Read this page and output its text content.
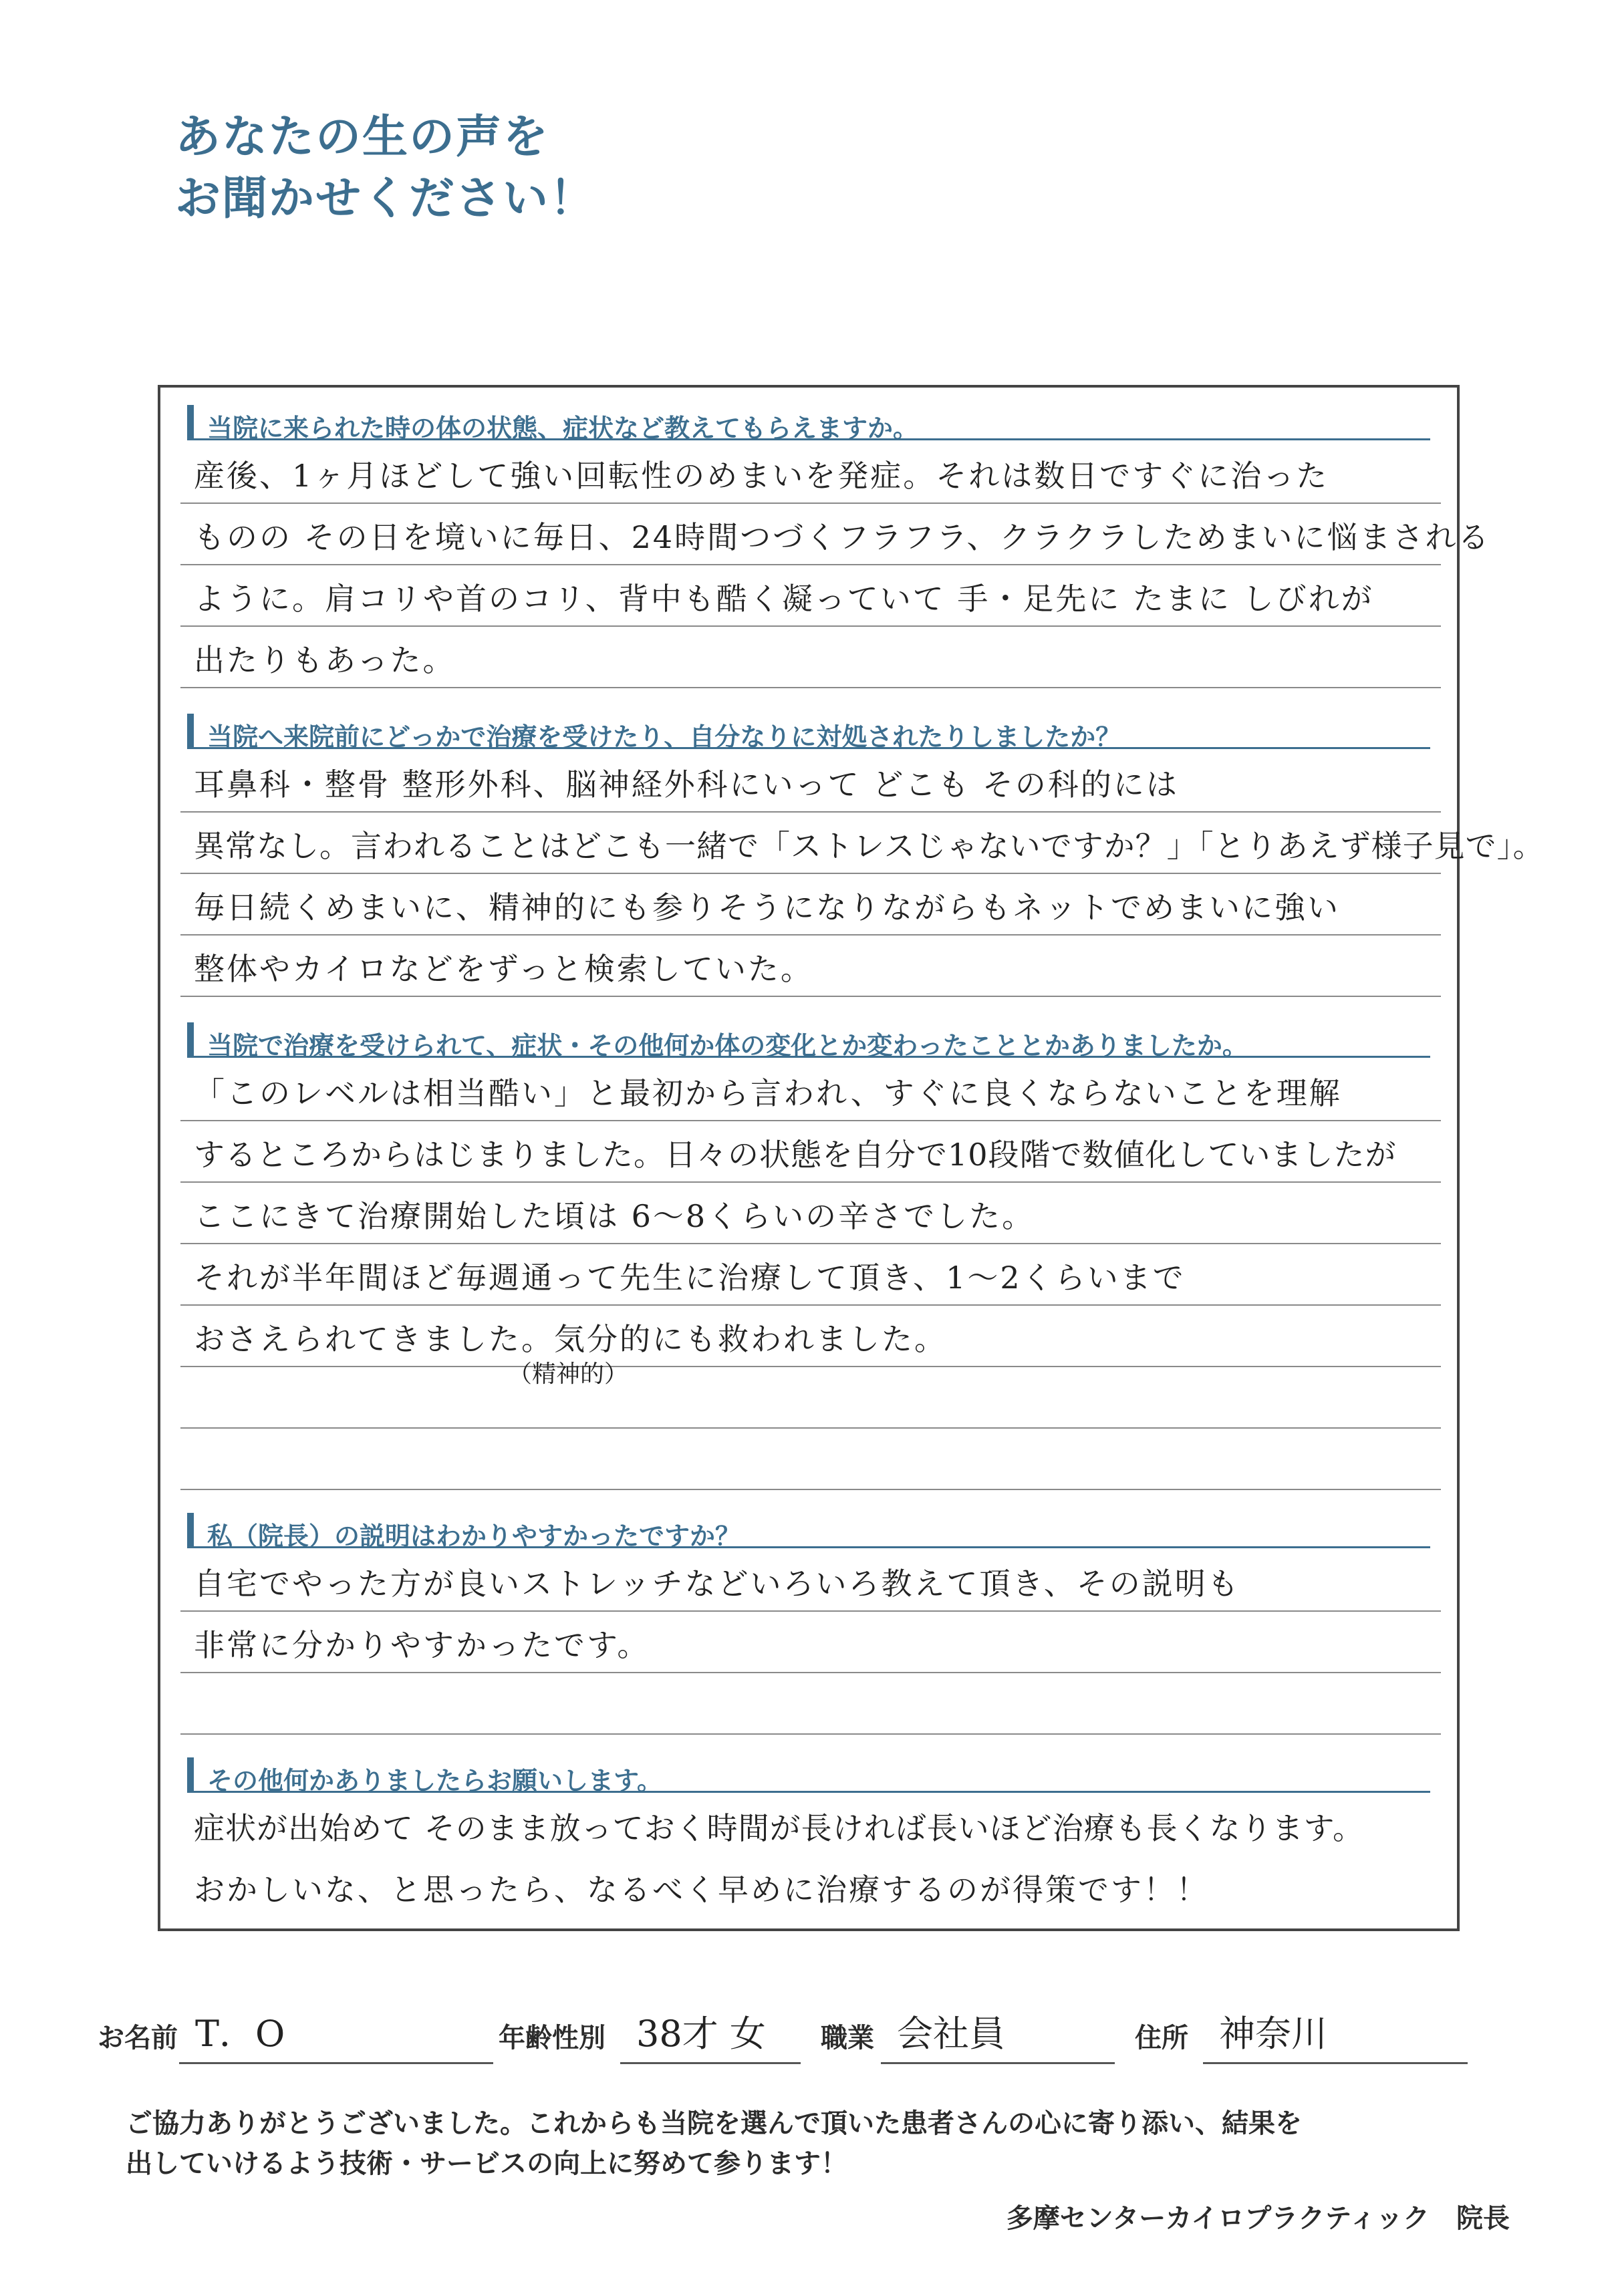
あなたの生の声を
お聞かせください！
当院に来られた時の体の状態、症状など教えてもらえますか。
産後、1ヶ月ほどして強い回転性のめまいを発症。それは数日ですぐに治った
ものの その日を境いに毎日、24時間つづくフラフラ、クラクラしためまいに悩まされる
ように。肩コリや首のコリ、背中も酷く凝っていて 手・足先に たまに しびれが
出たりもあった。
当院へ来院前にどっかで治療を受けたり、自分なりに対処されたりしましたか？
耳鼻科・整骨 整形外科、脳神経外科にいって どこも その科的には
異常なし。言われることはどこも一緒で「ストレスじゃないですか？」「とりあえず様子見で」。
毎日続くめまいに、精神的にも参りそうになりながらもネットでめまいに強い
整体やカイロなどをずっと検索していた。
当院で治療を受けられて、症状・その他何か体の変化とか変わったこととかありましたか。
「このレベルは相当酷い」と最初から言われ、すぐに良くならないことを理解
するところからはじまりました。日々の状態を自分で10段階で数値化していましたが
ここにきて治療開始した頃は 6〜8くらいの辛さでした。
それが半年間ほど毎週通って先生に治療して頂き、1〜2くらいまで
おさえられてきました。気分的にも救われました。
（精神的）
私（院長）の説明はわかりやすかったですか？
自宅でやった方が良いストレッチなどいろいろ教えて頂き、その説明も
非常に分かりやすかったです。
その他何かありましたらお願いします。
症状が出始めて そのまま放っておく時間が長ければ長いほど治療も長くなります。
おかしいな、と思ったら、なるべく早めに治療するのが得策です！！
お名前 T．O	年齢性別 38才 女 職業 会社員	住所 神奈川
ご協力ありがとうございました。これからも当院を選んで頂いた患者さんの心に寄り添い、結果を
出していけるよう技術・サービスの向上に努めて参ります！
多摩センターカイロプラクティック　院長
